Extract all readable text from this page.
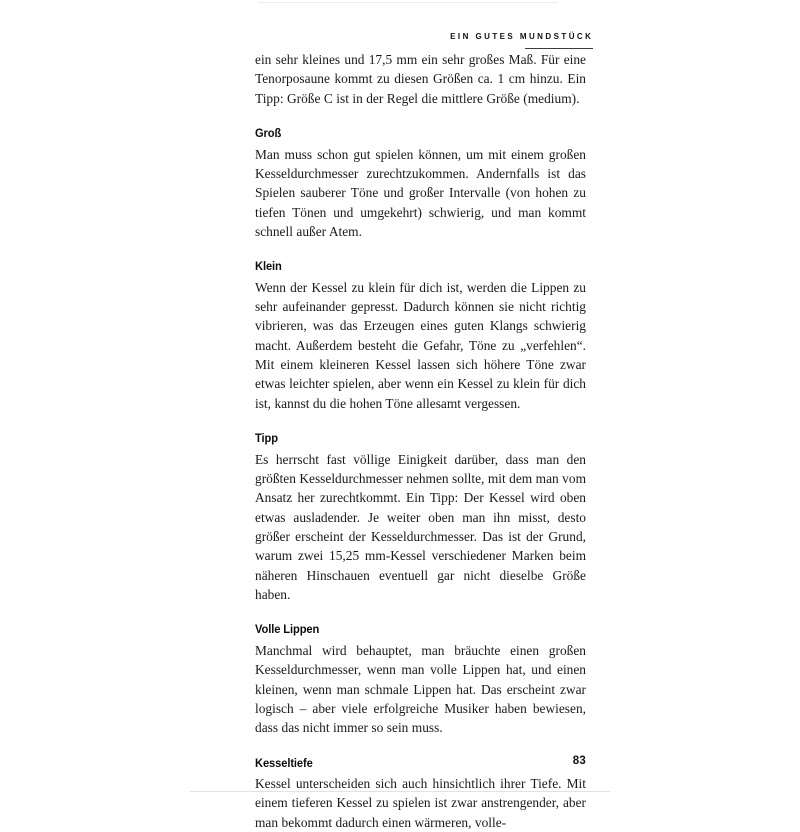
EIN GUTES MUNDSTÜCK

ein sehr kleines und 17,5 mm ein sehr großes Maß. Für eine Tenorposaune kommt zu diesen Größen ca. 1 cm hinzu. Ein Tipp: Größe C ist in der Regel die mittlere Größe (medium).

Groß

Man muss schon gut spielen können, um mit einem großen Kesseldurchmesser zurechtzukommen. Andernfalls ist das Spielen sauberer Töne und großer Intervalle (von hohen zu tiefen Tönen und umgekehrt) schwierig, und man kommt schnell außer Atem.

Klein

Wenn der Kessel zu klein für dich ist, werden die Lippen zu sehr aufeinander gepresst. Dadurch können sie nicht richtig vibrieren, was das Erzeugen eines guten Klangs schwierig macht. Außerdem besteht die Gefahr, Töne zu „verfehlen“. Mit einem kleineren Kessel lassen sich höhere Töne zwar etwas leichter spielen, aber wenn ein Kessel zu klein für dich ist, kannst du die hohen Töne allesamt vergessen.

Tipp

Es herrscht fast völlige Einigkeit darüber, dass man den größten Kesseldurchmesser nehmen sollte, mit dem man vom Ansatz her zurechtkommt. Ein Tipp: Der Kessel wird oben etwas ausladender. Je weiter oben man ihn misst, desto größer erscheint der Kesseldurchmesser. Das ist der Grund, warum zwei 15,25 mm-Kessel verschiedener Marken beim näheren Hinschauen eventuell gar nicht dieselbe Größe haben.

Volle Lippen

Manchmal wird behauptet, man bräuchte einen großen Kesseldurchmesser, wenn man volle Lippen hat, und einen kleinen, wenn man schmale Lippen hat. Das erscheint zwar logisch – aber viele erfolgreiche Musiker haben bewiesen, dass das nicht immer so sein muss.

Kesseltiefe

Kessel unterscheiden sich auch hinsichtlich ihrer Tiefe. Mit einem tieferen Kessel zu spielen ist zwar anstrengender, aber man bekommt dadurch einen wärmeren, volle-

83
